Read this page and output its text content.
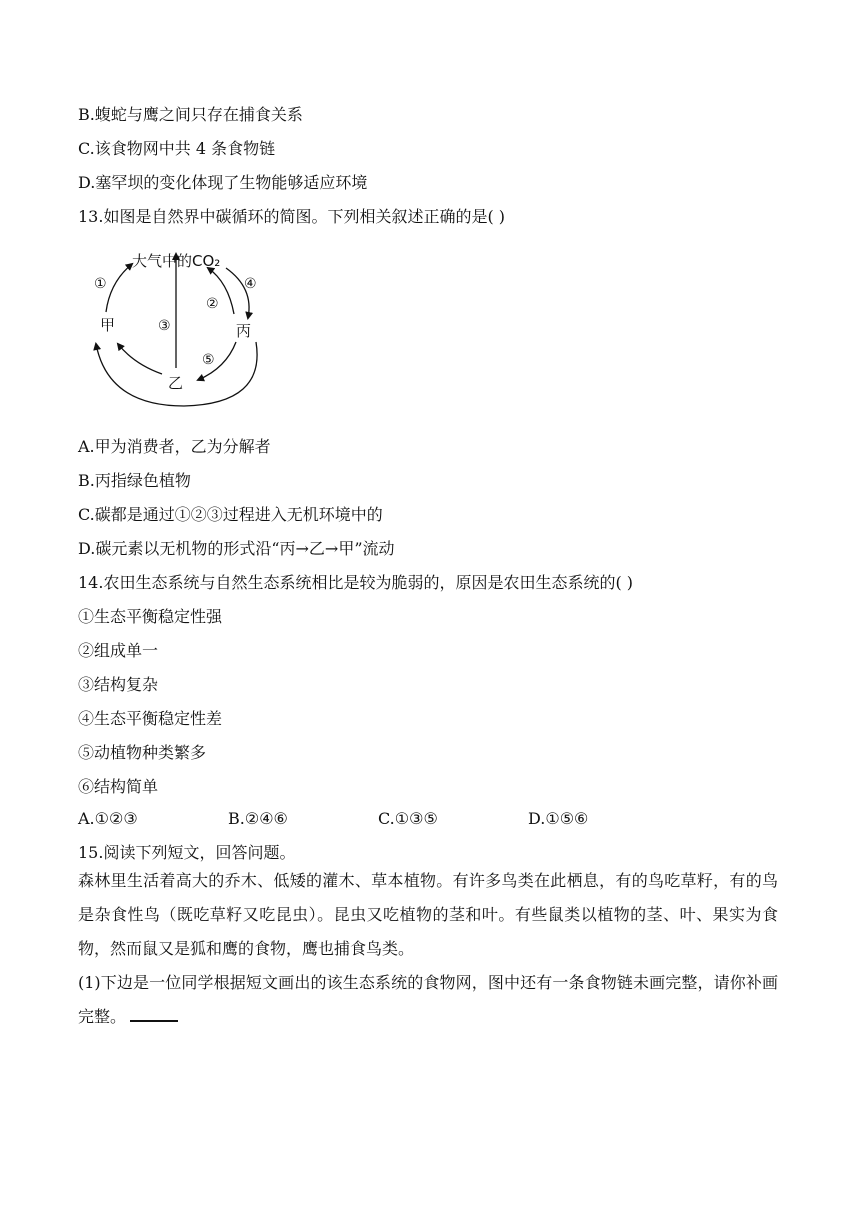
B.蝮蛇与鹰之间只存在捕食关系
C.该食物网中共 4 条食物链
D.塞罕坝的变化体现了生物能够适应环境
13.如图是自然界中碳循环的简图。下列相关叙述正确的是( )
大气中的CO₂
甲
乙
丙
①
③
②
④
⑤
A.甲为消费者，乙为分解者
B.丙指绿色植物
C.碳都是通过①②③过程进入无机环境中的
D.碳元素以无机物的形式沿“丙→乙→甲”流动
14.农田生态系统与自然生态系统相比是较为脆弱的，原因是农田生态系统的( )
①生态平衡稳定性强
②组成单一
③结构复杂
④生态平衡稳定性差
⑤动植物种类繁多
⑥结构简单
A.①②③	B.②④⑥	C.①③⑤	D.①⑤⑥
15.阅读下列短文，回答问题。
森林里生活着高大的乔木、低矮的灌木、草本植物。有许多鸟类在此栖息，有的鸟吃草籽，有的鸟是杂食性鸟（既吃草籽又吃昆虫）。昆虫又吃植物的茎和叶。有些鼠类以植物的茎、叶、果实为食物，然而鼠又是狐和鹰的食物，鹰也捕食鸟类。
(1)下边是一位同学根据短文画出的该生态系统的食物网，图中还有一条食物链未画完整，请你补画完整。
